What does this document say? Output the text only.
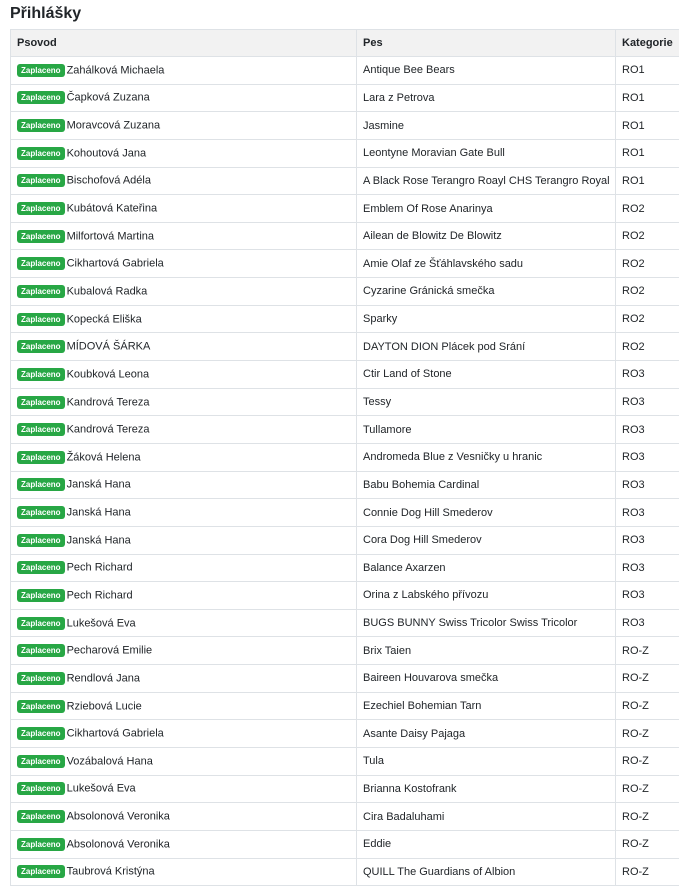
Přihlášky
Psovod	Pes	Kategorie
Zaplaceno Zahálková Michaela	Antique Bee Bears	RO1
Zaplaceno Čapková Zuzana	Lara z Petrova	RO1
Zaplaceno Moravcová Zuzana	Jasmine	RO1
Zaplaceno Kohoutová Jana	Leontyne Moravian Gate Bull	RO1
Zaplaceno Bischofová Adéla	A Black Rose Terangro Roayl CHS Terangro Royal	RO1
Zaplaceno Kubátová Kateřina	Emblem Of Rose Anarinya	RO2
Zaplaceno Milfortová Martina	Ailean de Blowitz De Blowitz	RO2
Zaplaceno Cikhartová Gabriela	Amie Olaf ze Šťáhlavského sadu	RO2
Zaplaceno Kubalová Radka	Cyzarine Gránická smečka	RO2
Zaplaceno Kopecká Eliška	Sparky	RO2
Zaplaceno MÍDOVÁ ŠÁRKA	DAYTON DION Plácek pod Srání	RO2
Zaplaceno Koubková Leona	Ctir Land of Stone	RO3
Zaplaceno Kandrová Tereza	Tessy	RO3
Zaplaceno Kandrová Tereza	Tullamore	RO3
Zaplaceno Žáková Helena	Andromeda Blue z Vesničky u hranic	RO3
Zaplaceno Janská Hana	Babu Bohemia Cardinal	RO3
Zaplaceno Janská Hana	Connie Dog Hill Smederov	RO3
Zaplaceno Janská Hana	Cora Dog Hill Smederov	RO3
Zaplaceno Pech Richard	Balance Axarzen	RO3
Zaplaceno Pech Richard	Orina z Labského přívozu	RO3
Zaplaceno Lukešová Eva	BUGS BUNNY Swiss Tricolor Swiss Tricolor	RO3
Zaplaceno Pecharová Emilie	Brix Taien	RO-Z
Zaplaceno Rendlová Jana	Baireen Houvarova smečka	RO-Z
Zaplaceno Rziebová Lucie	Ezechiel Bohemian Tarn	RO-Z
Zaplaceno Cikhartová Gabriela	Asante Daisy Pajaga	RO-Z
Zaplaceno Vozábalová Hana	Tula	RO-Z
Zaplaceno Lukešová Eva	Brianna Kostofrank	RO-Z
Zaplaceno Absolonová Veronika	Cira Badaluhami	RO-Z
Zaplaceno Absolonová Veronika	Eddie	RO-Z
Zaplaceno Taubrová Kristýna	QUILL The Guardians of Albion	RO-Z
